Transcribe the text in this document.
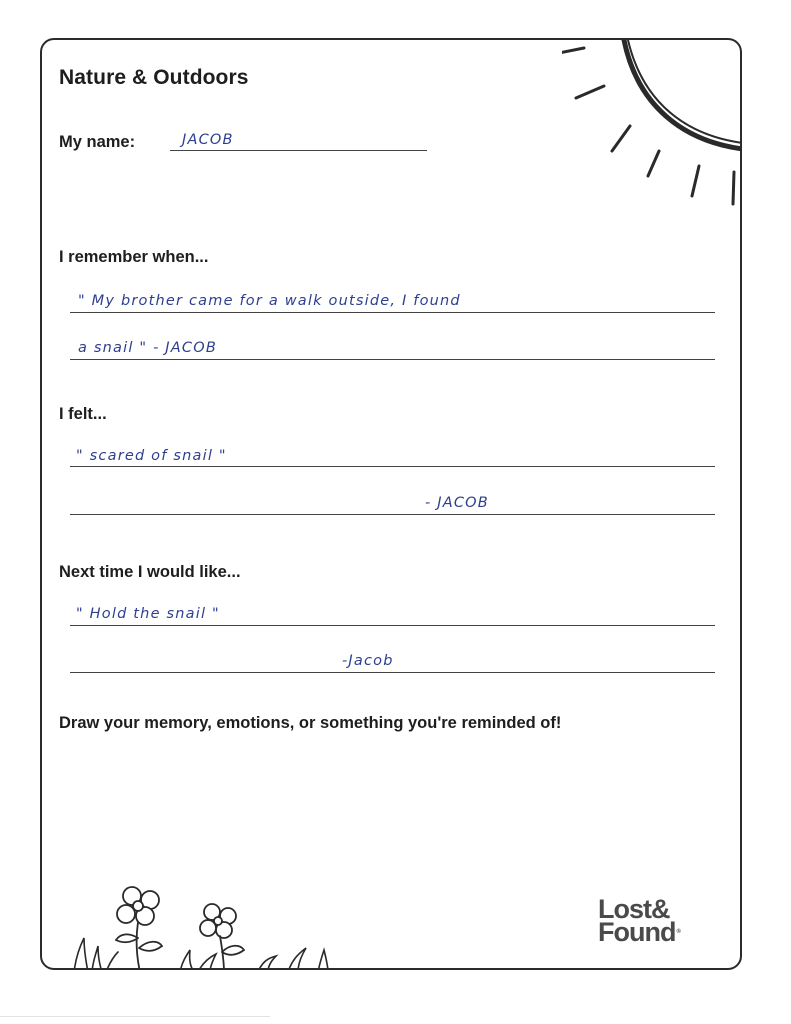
Nature & Outdoors
My name:	JACOB
I remember when...
" My brother came for a walk outside, I found
a snail " - JACOB
I felt...
" scared of snail "
- JACOB
Next time I would like...
" Hold the snail "
-Jacob
Draw your memory, emotions, or something you're reminded of!
Lost&
Found®
